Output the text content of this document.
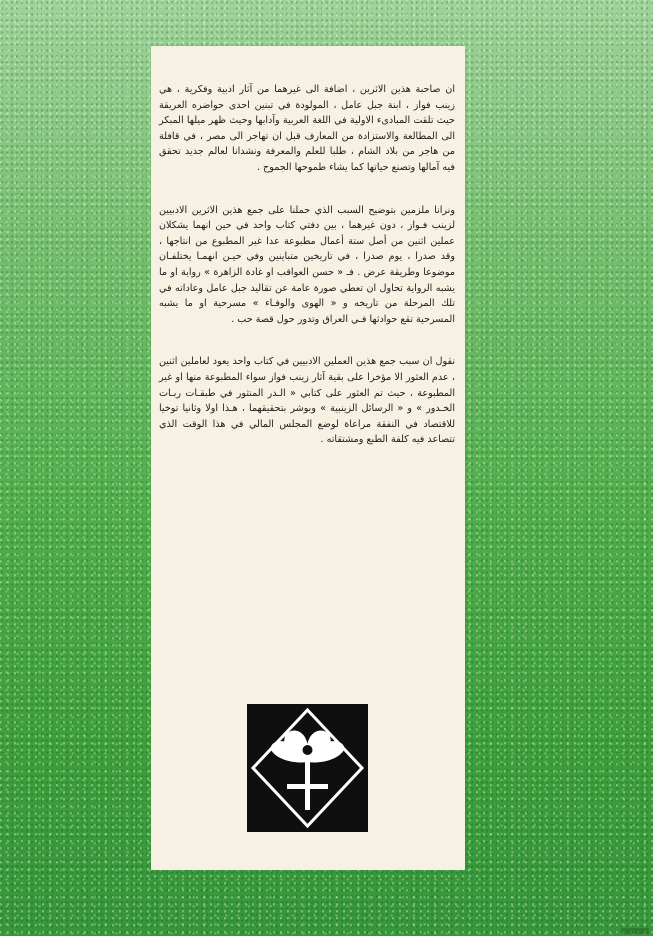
ان صاحبة هذين الاثرين ، اضافة الى غيرهما من آثار ادبية وفكرية ، هي زينب فواز ، ابنة جبل عامل ، المولودة في تبنين احدى حواضره العريقة حيث تلقت المبادىء الاولية في اللغة العربية وآدابها وحيث ظهر ميلها المبكر الى المطالعة والاستزادة من المعارف قبل ان تهاجر الى مصر ، في قافلة من هاجر من بلاد الشام ، طلبا للعلم والمعرفة ونشدانا لعالم جديد تحقق فيه آمالها وتصنع حياتها كما يشاء طموحها الجموح .

ونرانا ملزمين بتوضيح السبب الذي حملنا على جمع هذين الاثرين الادبيين لزينب فـواز ، دون غيرهما ، بين دفتي كتاب واحد في حين انهما يشكلان عملين اثنين من أصل ستة أعمال مطبوعة عدا غير المطبوع من انتاجها ، وقد صدرا ، يوم صدرا ، في تاريخين متباينين وفي حيـن انهمـا يختلفـان موضوعا وطريقة عرض . فـ « حسن العواقب او غادة الزاهرة » رواية او ما يشبه الرواية تحاول ان تعطي صورة عامة عن تقاليد جبل عامل وعاداته في تلك المرحلة من تاريخه و « الهوى والوفـاء » مسرحية او ما يشبه المسرحية تقع حوادثها فـي العراق وتدور حول قصة حب .

نقول ان سبب جمع هذين العملين الادبيين في كتاب واحد يعود لعاملين اثنين ، عدم العثور الا مؤخرا على بقية آثار زينب فواز سواء المطبوعة منها او غير المطبوعة ، حيث تم العثور على كتابي « الـدر المنثور في طبقـات ربـات الخـدور » و « الرسائل الزينبية » وبوشر بتحقيقهما ، هـذا اولا وثانيا توخيا للاقتصاد في النفقة مراعاة لوضع المجلس المالي في هذا الوقت الذي تتصاعد فيه كلفة الطبع ومشتقاته .
